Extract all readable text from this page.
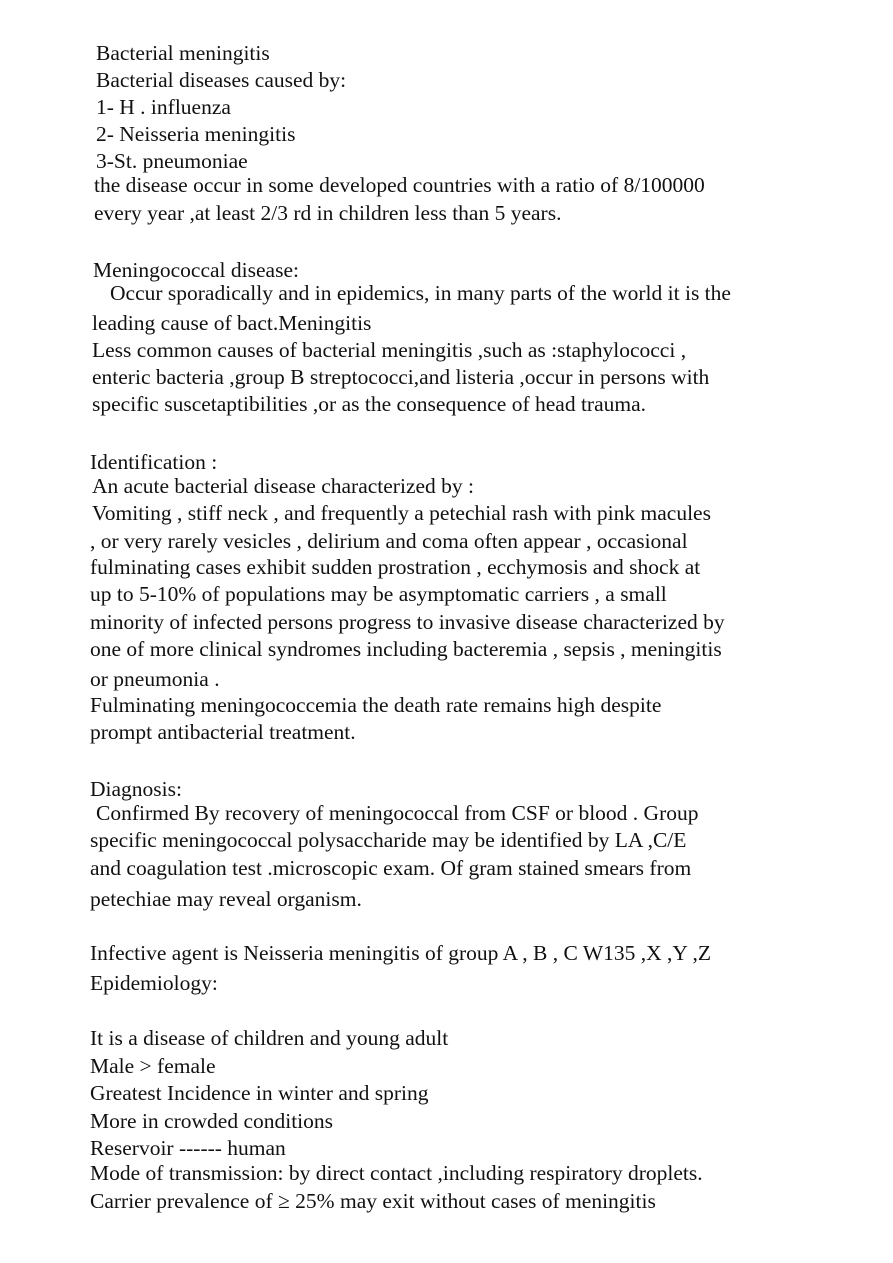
Bacterial meningitis
Bacterial diseases caused by:
1- H . influenza
2- Neisseria meningitis
3-St. pneumoniae
the disease occur in some developed countries with a ratio of 8/100000
every year ,at least 2/3 rd in children less than 5 years.
Meningococcal disease:
Occur sporadically and in epidemics, in many parts of the world it is the
leading cause of bact.Meningitis
Less common causes of bacterial meningitis ,such as :staphylococci ,
enteric bacteria ,group B streptococci,and listeria ,occur in persons with
specific suscetaptibilities ,or as the consequence of head trauma.
Identification :
An acute bacterial disease characterized by :
Vomiting , stiff neck , and frequently a petechial rash with pink macules
, or very rarely vesicles , delirium and coma often appear , occasional
fulminating cases exhibit sudden prostration , ecchymosis and shock at
up to 5-10% of populations may be asymptomatic carriers , a small
minority of infected persons progress to invasive disease characterized by
one of more clinical syndromes including bacteremia , sepsis , meningitis
or pneumonia .
Fulminating meningococcemia the death rate remains high despite
prompt antibacterial treatment.
Diagnosis:
Confirmed By recovery of meningococcal from CSF or blood . Group
specific meningococcal polysaccharide may be identified by LA ,C/E
and coagulation test .microscopic exam. Of gram stained smears from
petechiae may reveal organism.
Infective agent is Neisseria meningitis of group A , B , C W135 ,X ,Y ,Z
Epidemiology:
It is a disease of children and young adult
Male > female
Greatest Incidence in winter and spring
More in crowded conditions
Reservoir ------ human
Mode of transmission: by direct contact ,including respiratory droplets.
Carrier prevalence of ≥ 25% may exit without cases of meningitis
